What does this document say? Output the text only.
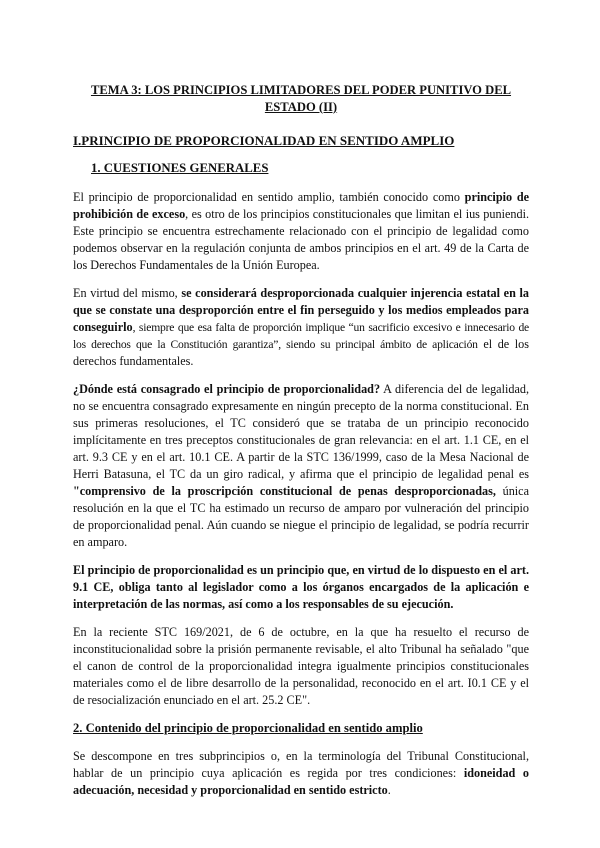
TEMA 3: LOS PRINCIPIOS LIMITADORES DEL PODER PUNITIVO DEL ESTADO (II)
I.PRINCIPIO DE PROPORCIONALIDAD EN SENTIDO AMPLIO
1. CUESTIONES GENERALES

El principio de proporcionalidad en sentido amplio, también conocido como principio de prohibición de exceso, es otro de los principios constitucionales que limitan el ius puniendi. Este principio se encuentra estrechamente relacionado con el principio de legalidad como podemos observar en la regulación conjunta de ambos principios en el art. 49 de la Carta de los Derechos Fundamentales de la Unión Europea.

En virtud del mismo, se considerará desproporcionada cualquier injerencia estatal en la que se constate una desproporción entre el fin perseguido y los medios empleados para conseguirlo, siempre que esa falta de proporción implique “un sacrificio excesivo e innecesario de los derechos que la Constitución garantiza”, siendo su principal ámbito de aplicación el de los derechos fundamentales.

¿Dónde está consagrado el principio de proporcionalidad? A diferencia del de legalidad, no se encuentra consagrado expresamente en ningún precepto de la norma constitucional. En sus primeras resoluciones, el TC consideró que se trataba de un principio reconocido implícitamente en tres preceptos constitucionales de gran relevancia: en el art. 1.1 CE, en el art. 9.3 CE y en el art. 10.1 CE. A partir de la STC 136/1999, caso de la Mesa Nacional de Herri Batasuna, el TC da un giro radical, y afirma que el principio de legalidad penal es "comprensivo de la proscripción constitucional de penas desproporcionadas, única resolución en la que el TC ha estimado un recurso de amparo por vulneración del principio de proporcionalidad penal. Aún cuando se niegue el principio de legalidad, se podría recurrir en amparo.

El principio de proporcionalidad es un principio que, en virtud de lo dispuesto en el art. 9.1 CE, obliga tanto al legislador como a los órganos encargados de la aplicación e interpretación de las normas, así como a los responsables de su ejecución.

En la reciente STC 169/2021, de 6 de octubre, en la que ha resuelto el recurso de inconstitucionalidad sobre la prisión permanente revisable, el alto Tribunal ha señalado "que el canon de control de la proporcionalidad integra igualmente principios constitucionales materiales como el de libre desarrollo de la personalidad, reconocido en el art. I0.1 CE y el de resocialización enunciado en el art. 25.2 CE".

2. Contenido del principio de proporcionalidad en sentido amplio

Se descompone en tres subprincipios o, en la terminología del Tribunal Constitucional, hablar de un principio cuya aplicación es regida por tres condiciones: idoneidad o adecuación, necesidad y proporcionalidad en sentido estricto.
